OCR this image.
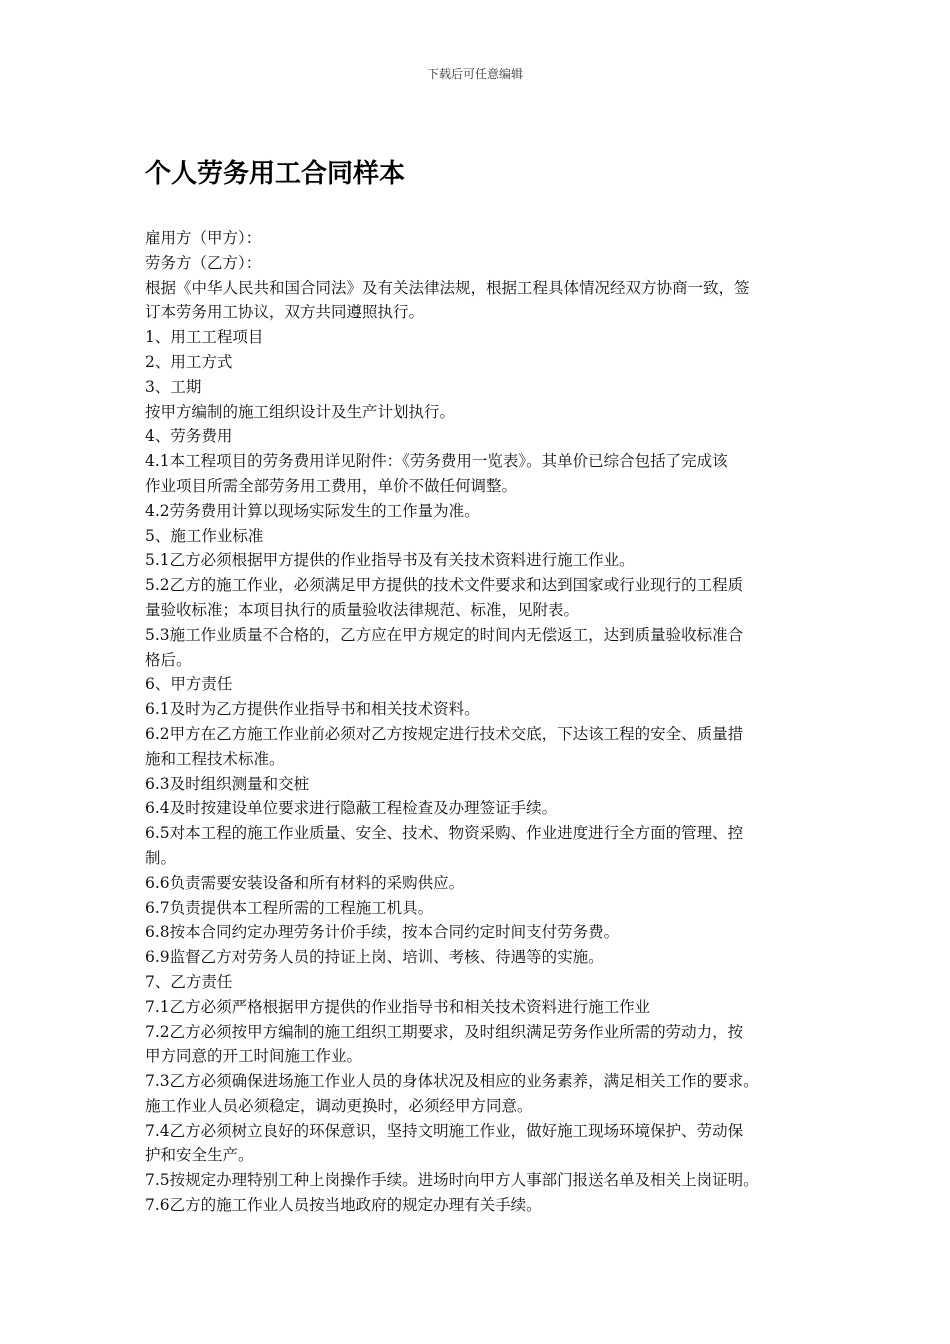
下载后可任意编辑
个人劳务用工合同样本
雇用方（甲方）：
劳务方（乙方）：
根据《中华人民共和国合同法》及有关法律法规，根据工程具体情况经双方协商一致，签
订本劳务用工协议，双方共同遵照执行。
1、用工工程项目
2、用工方式
3、工期
按甲方编制的施工组织设计及生产计划执行。
4、劳务费用
4.1本工程项目的劳务费用详见附件：《劳务费用一览表》。其单价已综合包括了完成该
作业项目所需全部劳务用工费用，单价不做任何调整。
4.2劳务费用计算以现场实际发生的工作量为准。
5、施工作业标准
5.1乙方必须根据甲方提供的作业指导书及有关技术资料进行施工作业。
5.2乙方的施工作业，必须满足甲方提供的技术文件要求和达到国家或行业现行的工程质
量验收标准；本项目执行的质量验收法律规范、标准，见附表。
5.3施工作业质量不合格的，乙方应在甲方规定的时间内无偿返工，达到质量验收标准合
格后。
6、甲方责任
6.1及时为乙方提供作业指导书和相关技术资料。
6.2甲方在乙方施工作业前必须对乙方按规定进行技术交底，下达该工程的安全、质量措
施和工程技术标准。
6.3及时组织测量和交桩
6.4及时按建设单位要求进行隐蔽工程检查及办理签证手续。
6.5对本工程的施工作业质量、安全、技术、物资采购、作业进度进行全方面的管理、控
制。
6.6负责需要安装设备和所有材料的采购供应。
6.7负责提供本工程所需的工程施工机具。
6.8按本合同约定办理劳务计价手续，按本合同约定时间支付劳务费。
6.9监督乙方对劳务人员的持证上岗、培训、考核、待遇等的实施。
7、乙方责任
7.1乙方必须严格根据甲方提供的作业指导书和相关技术资料进行施工作业
7.2乙方必须按甲方编制的施工组织工期要求，及时组织满足劳务作业所需的劳动力，按
甲方同意的开工时间施工作业。
7.3乙方必须确保进场施工作业人员的身体状况及相应的业务素养，满足相关工作的要求。
施工作业人员必须稳定，调动更换时，必须经甲方同意。
7.4乙方必须树立良好的环保意识，坚持文明施工作业，做好施工现场环境保护、劳动保
护和安全生产。
7.5按规定办理特别工种上岗操作手续。进场时向甲方人事部门报送名单及相关上岗证明。
7.6乙方的施工作业人员按当地政府的规定办理有关手续。
